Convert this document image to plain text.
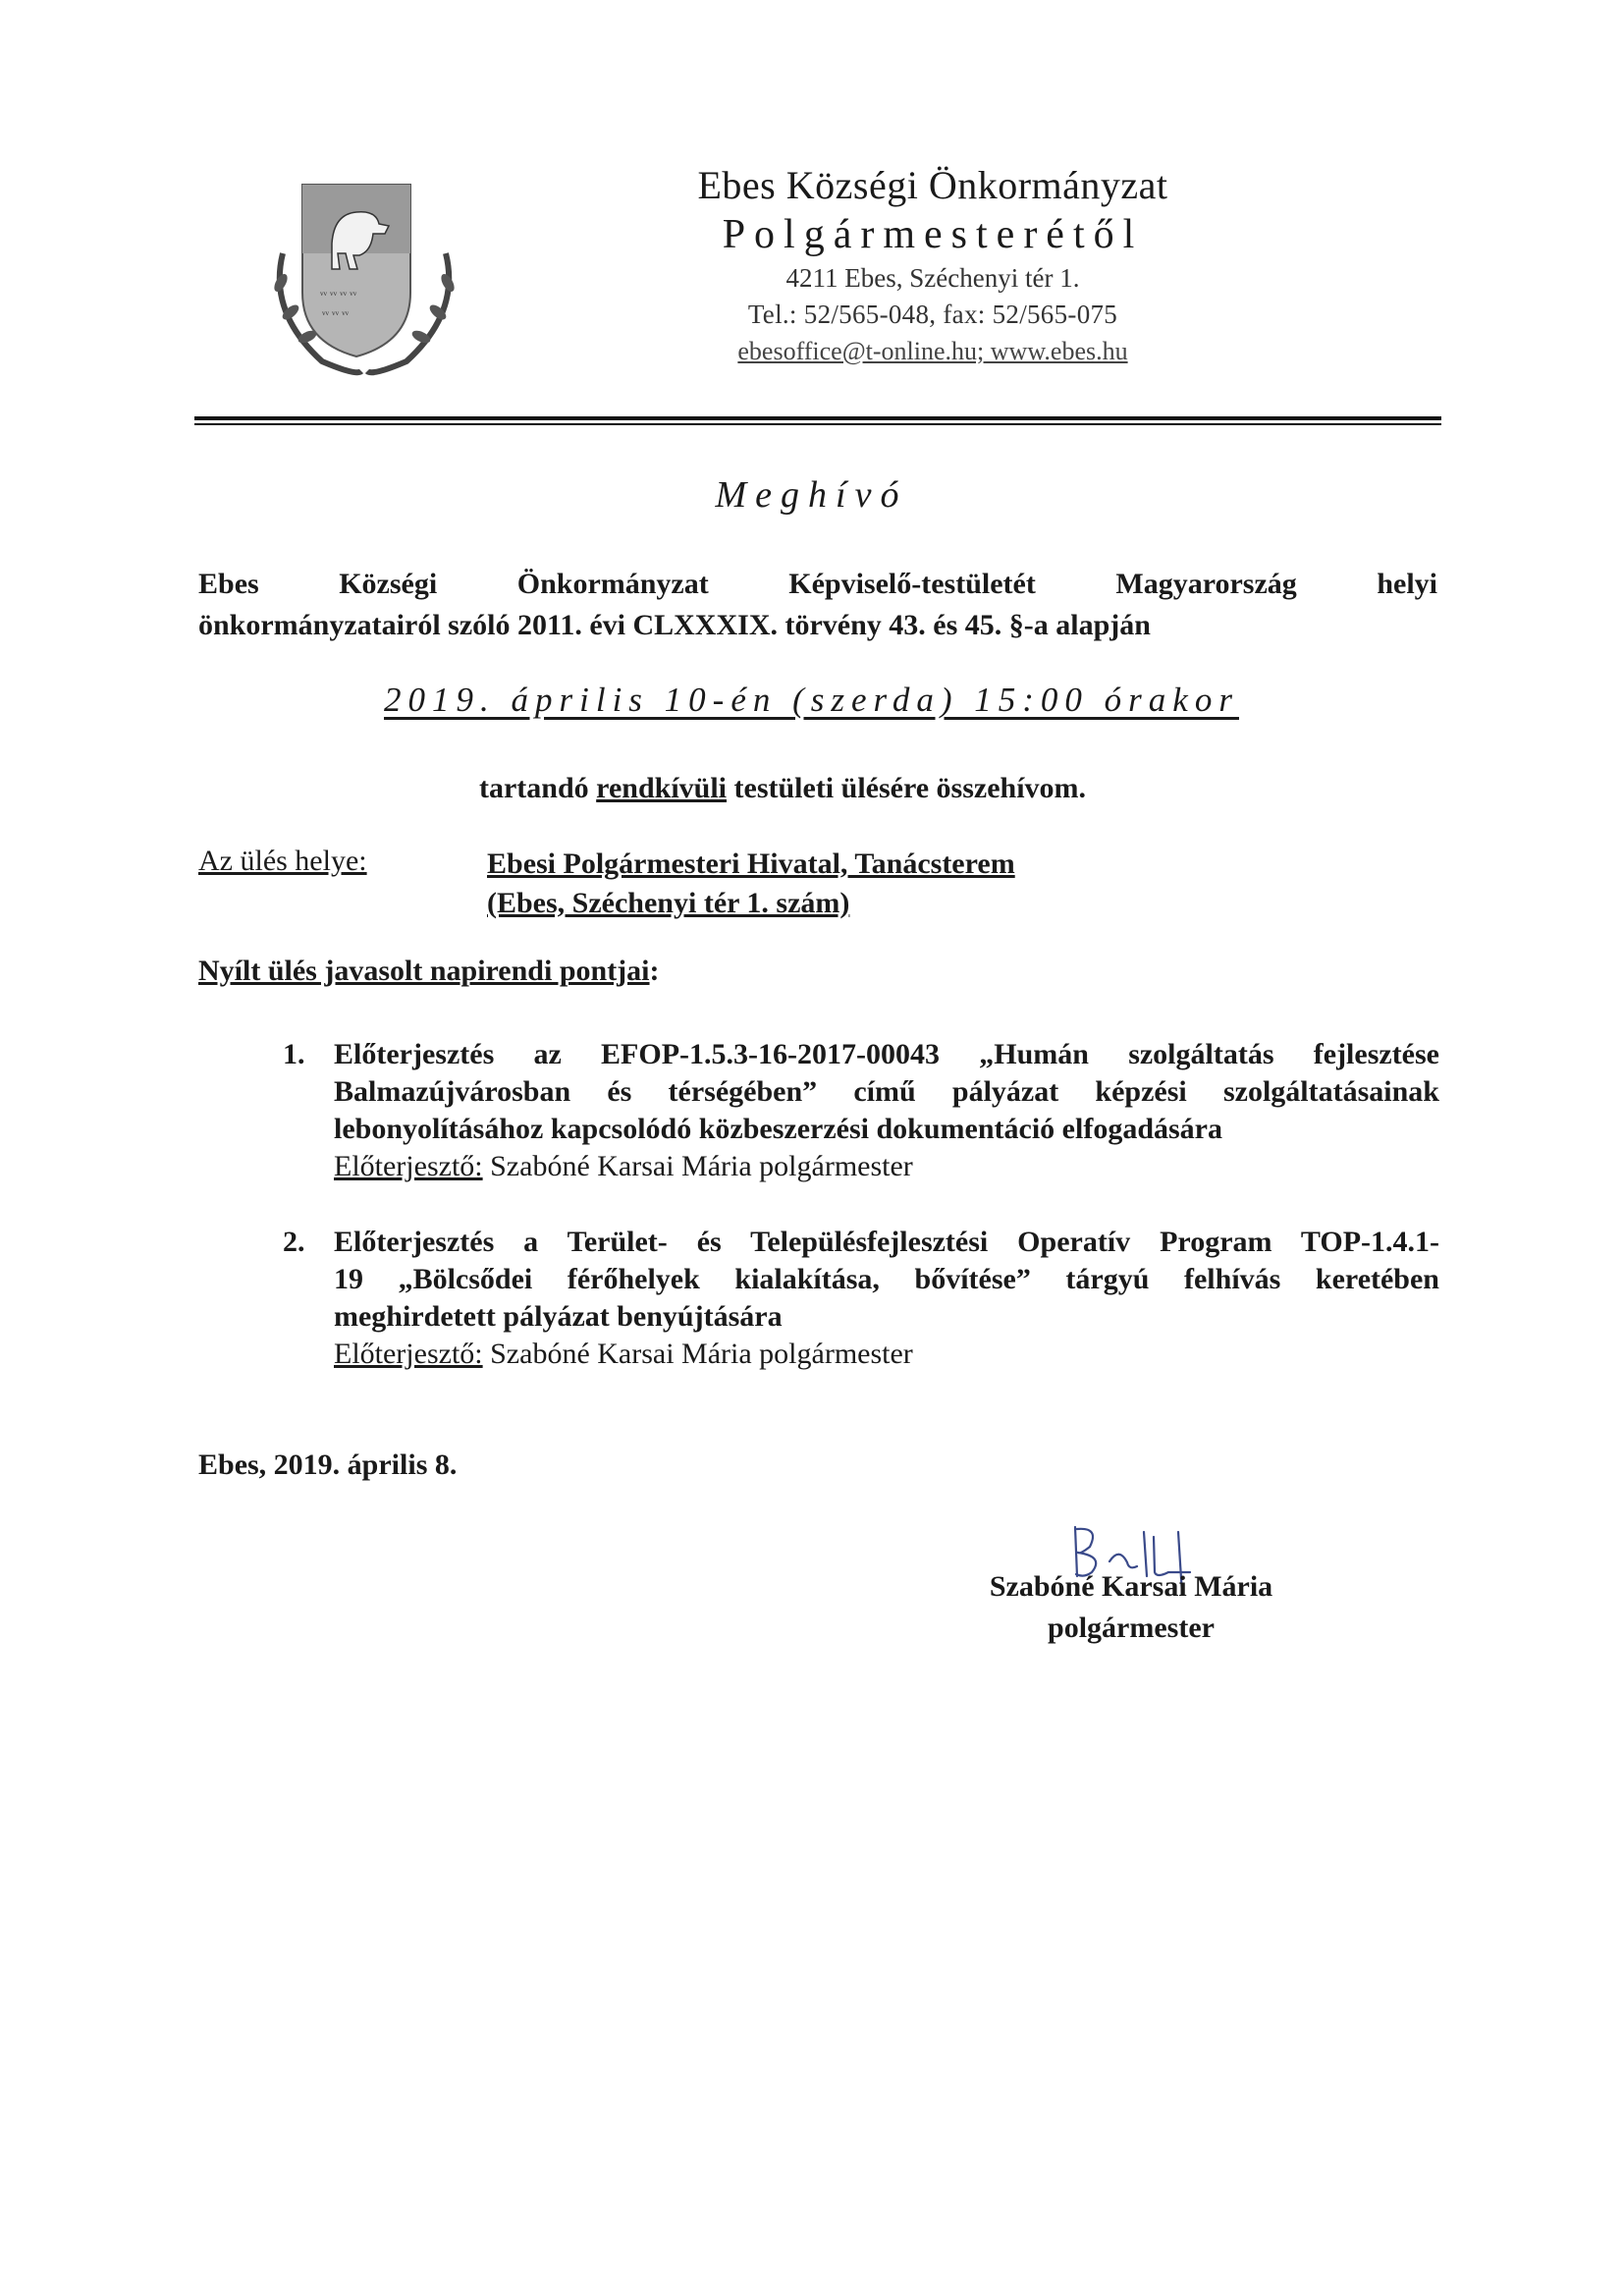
ᵥᵥ ᵥᵥ ᵥᵥ ᵥᵥ
ᵥᵥ ᵥᵥ ᵥᵥ
Ebes Községi Önkormányzat
Polgármesterétől
4211 Ebes, Széchenyi tér 1.
Tel.: 52/565-048, fax: 52/565-075
ebesoffice@t-online.hu; www.ebes.hu
Meghívó
Ebes	Községi	Önkormányzat	Képviselő-testületét	Magyarország	helyi
önkormányzatairól szóló 2011. évi CLXXXIX. törvény 43. és 45. §-a alapján
2019. április 10-én (szerda) 15:00 órakor
tartandó rendkívüli testületi ülésére összehívom.
Az ülés helye:	Ebesi Polgármesteri Hivatal, Tanácsterem
(Ebes, Széchenyi tér 1. szám)
Nyílt ülés javasolt napirendi pontjai:
1. Előterjesztés az EFOP-1.5.3-16-2017-00043 „Humán szolgáltatás fejlesztése
Balmazújvárosban és térségében” című pályázat képzési szolgáltatásainak
lebonyolításához kapcsolódó közbeszerzési dokumentáció elfogadására
Előterjesztő: Szabóné Karsai Mária polgármester
2. Előterjesztés a Terület- és Településfejlesztési Operatív Program TOP-1.4.1-
19 „Bölcsődei férőhelyek kialakítása, bővítése” tárgyú felhívás keretében
meghirdetett pályázat benyújtására
Előterjesztő: Szabóné Karsai Mária polgármester
Ebes, 2019. április 8.
Szabóné Karsai Mária
polgármester
